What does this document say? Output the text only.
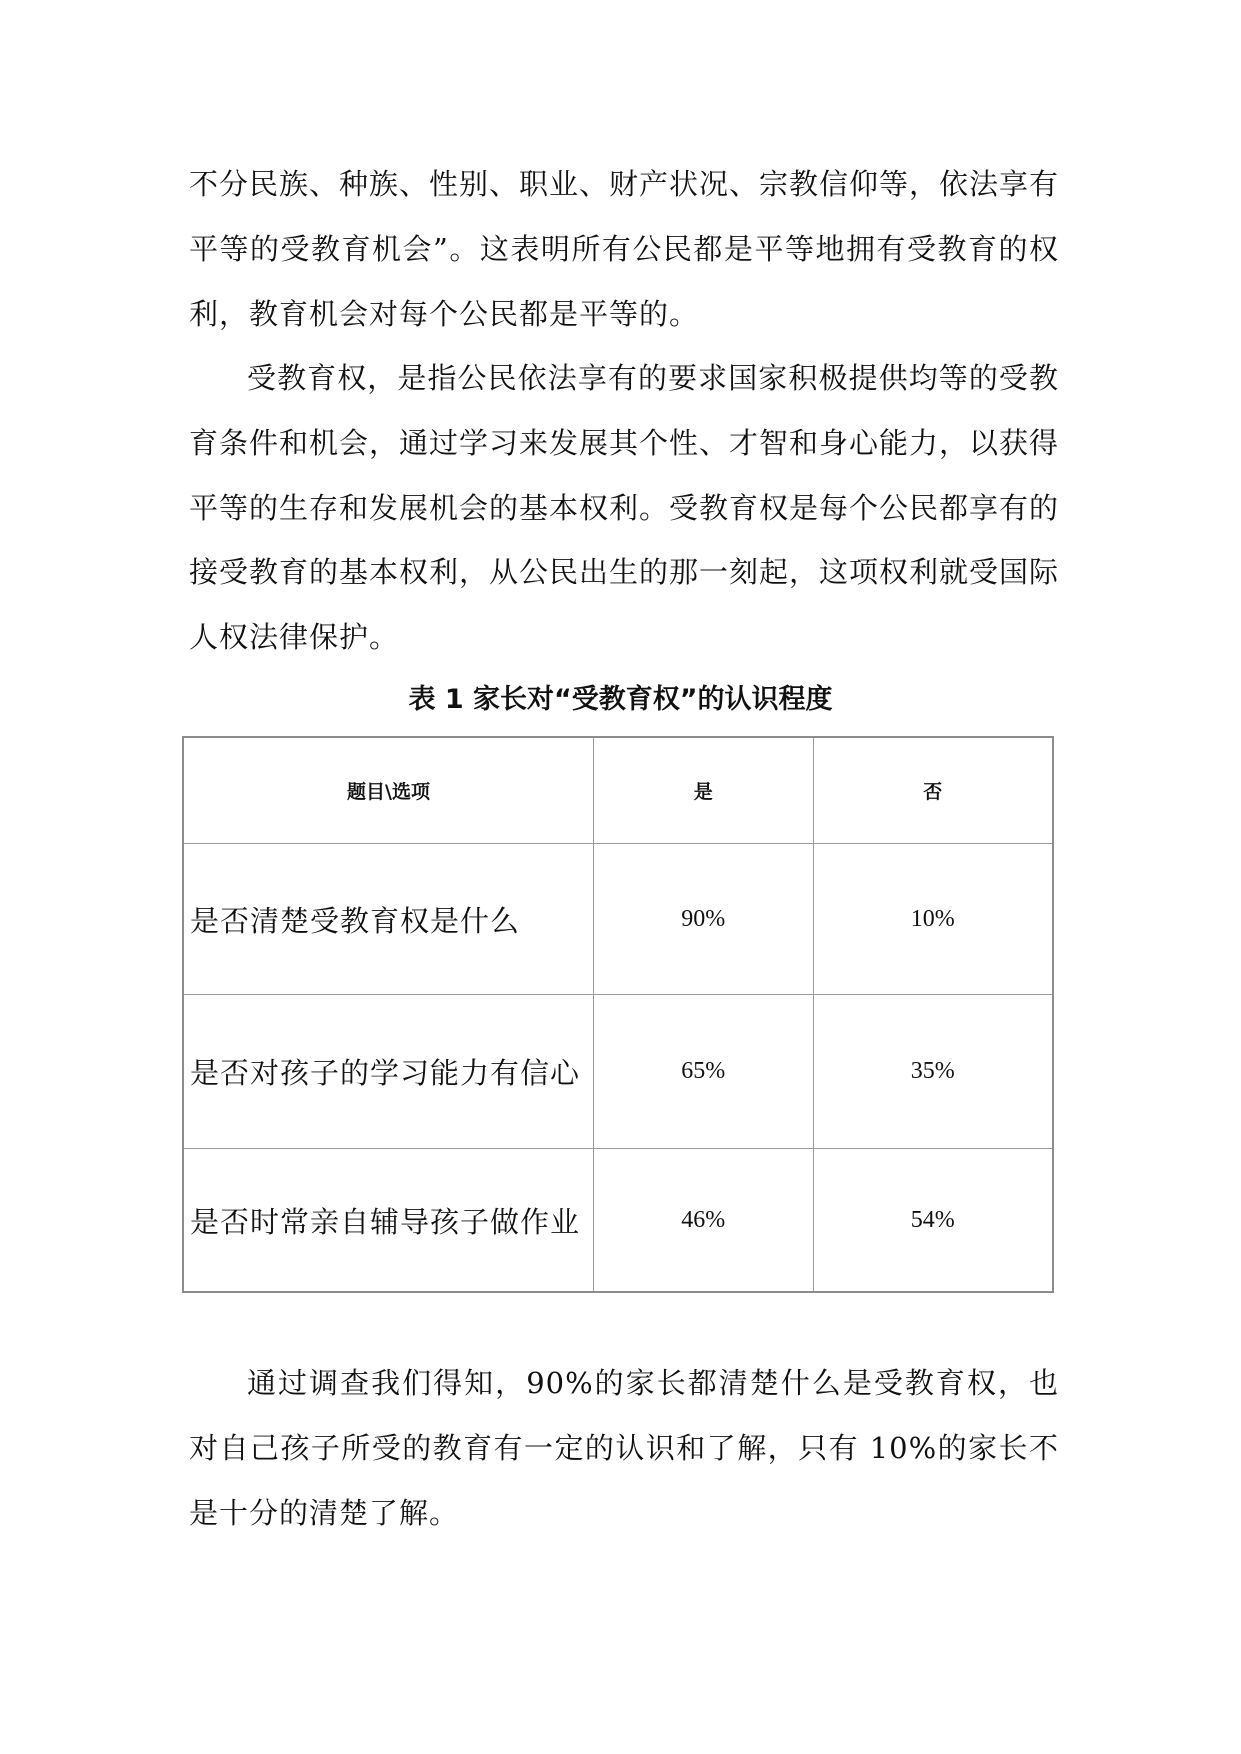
不分民族、种族、性别、职业、财产状况、宗教信仰等，依法享有平等的受教育机会”。这表明所有公民都是平等地拥有受教育的权利，教育机会对每个公民都是平等的。

受教育权，是指公民依法享有的要求国家积极提供均等的受教育条件和机会，通过学习来发展其个性、才智和身心能力，以获得平等的生存和发展机会的基本权利。受教育权是每个公民都享有的接受教育的基本权利，从公民出生的那一刻起，这项权利就受国际人权法律保护。

表 1 家长对“受教育权”的认识程度

题目\选项	是	否
是否清楚受教育权是什么	90%	10%
是否对孩子的学习能力有信心	65%	35%
是否时常亲自辅导孩子做作业	46%	54%

通过调查我们得知，90%的家长都清楚什么是受教育权，也对自己孩子所受的教育有一定的认识和了解，只有 10%的家长不是十分的清楚了解。
